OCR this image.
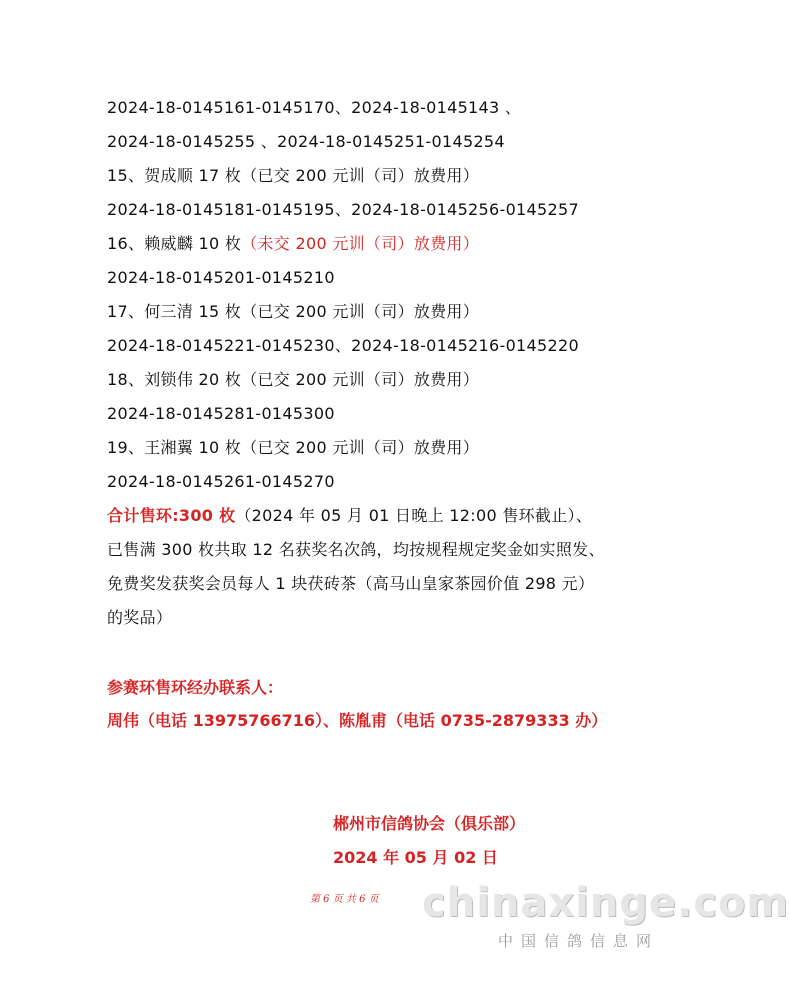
2024-18-0145161-0145170、2024-18-0145143 、
2024-18-0145255 、2024-18-0145251-0145254
15、贺成顺 17 枚（已交 200 元训（司）放费用）
2024-18-0145181-0145195、2024-18-0145256-0145257
16、赖威麟 10 枚（未交 200 元训（司）放费用）
2024-18-0145201-0145210
17、何三清 15 枚（已交 200 元训（司）放费用）
2024-18-0145221-0145230、2024-18-0145216-0145220
18、刘锁伟 20 枚（已交 200 元训（司）放费用）
2024-18-0145281-0145300
19、王湘翼 10 枚（已交 200 元训（司）放费用）
2024-18-0145261-0145270
合计售环:300 枚（2024 年 05 月 01 日晚上 12:00 售环截止）、已售满 300 枚共取 12 名获奖名次鸽，均按规程规定奖金如实照发、免费奖发获奖会员每人 1 块茯砖茶（高马山皇家茶园价值 298 元）的奖品）
参赛环售环经办联系人：
周伟（电话 13975766716）、陈胤甫（电话 0735-2879333 办）
郴州市信鸽协会（俱乐部）
2024 年 05 月 02 日
第 6 页 共 6 页 chinaxinge.com
中国信鸽信息网
